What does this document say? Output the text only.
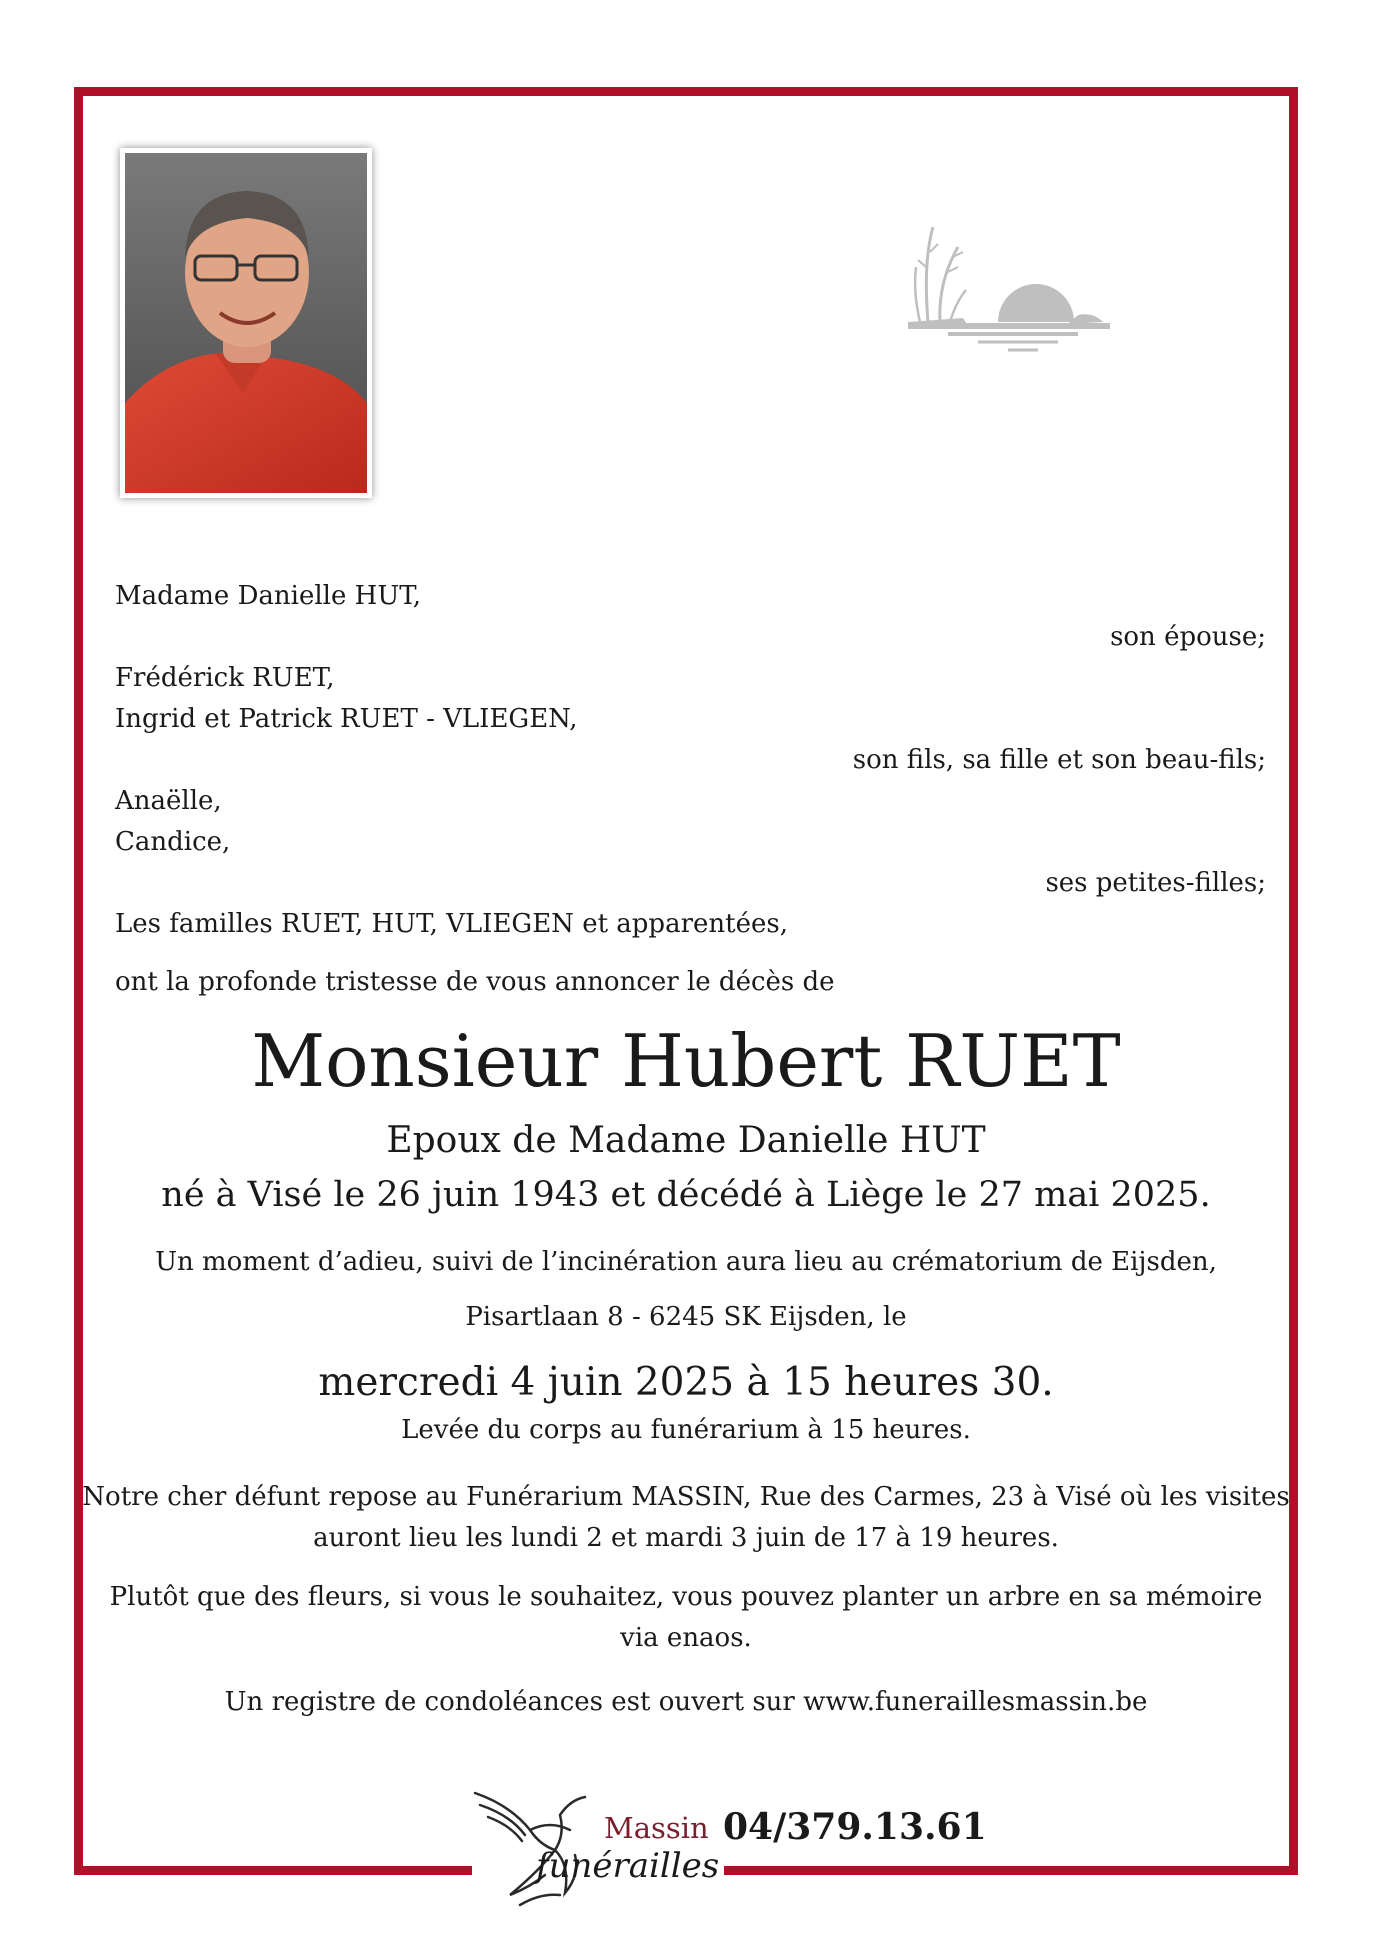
Madame Danielle HUT,
son épouse;
Frédérick RUET,
Ingrid et Patrick RUET - VLIEGEN,
son fils, sa fille et son beau-fils;
Anaëlle,
Candice,
ses petites-filles;
Les familles RUET, HUT, VLIEGEN et apparentées,
ont la profonde tristesse de vous annoncer le décès de
Monsieur Hubert RUET
Epoux de Madame Danielle HUT
né à Visé le 26 juin 1943 et décédé à Liège le 27 mai 2025.
Un moment d’adieu, suivi de l’incinération aura lieu au crématorium de Eijsden,
Pisartlaan 8 - 6245 SK Eijsden, le
mercredi 4 juin 2025 à 15 heures 30.
Levée du corps au funérarium à 15 heures.
Notre cher défunt repose au Funérarium MASSIN, Rue des Carmes, 23 à Visé où les visites
auront lieu les lundi 2 et mardi 3 juin de 17 à 19 heures.
Plutôt que des fleurs, si vous le souhaitez, vous pouvez planter un arbre en sa mémoire
via enaos.
Un registre de condoléances est ouvert sur www.funeraillesmassin.be
Massin
funérailles
04/379.13.61
